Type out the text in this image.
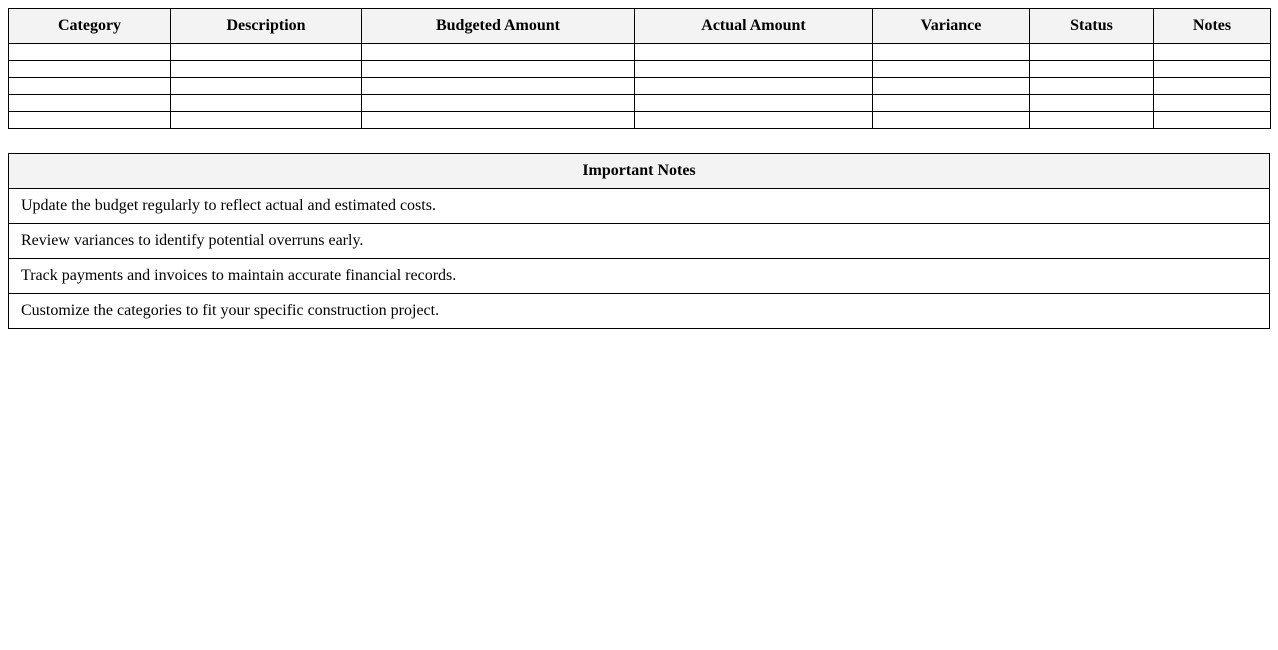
Category	Description	Budgeted Amount	Actual Amount	Variance	Status	Notes

Important Notes
Update the budget regularly to reflect actual and estimated costs.
Review variances to identify potential overruns early.
Track payments and invoices to maintain accurate financial records.
Customize the categories to fit your specific construction project.
